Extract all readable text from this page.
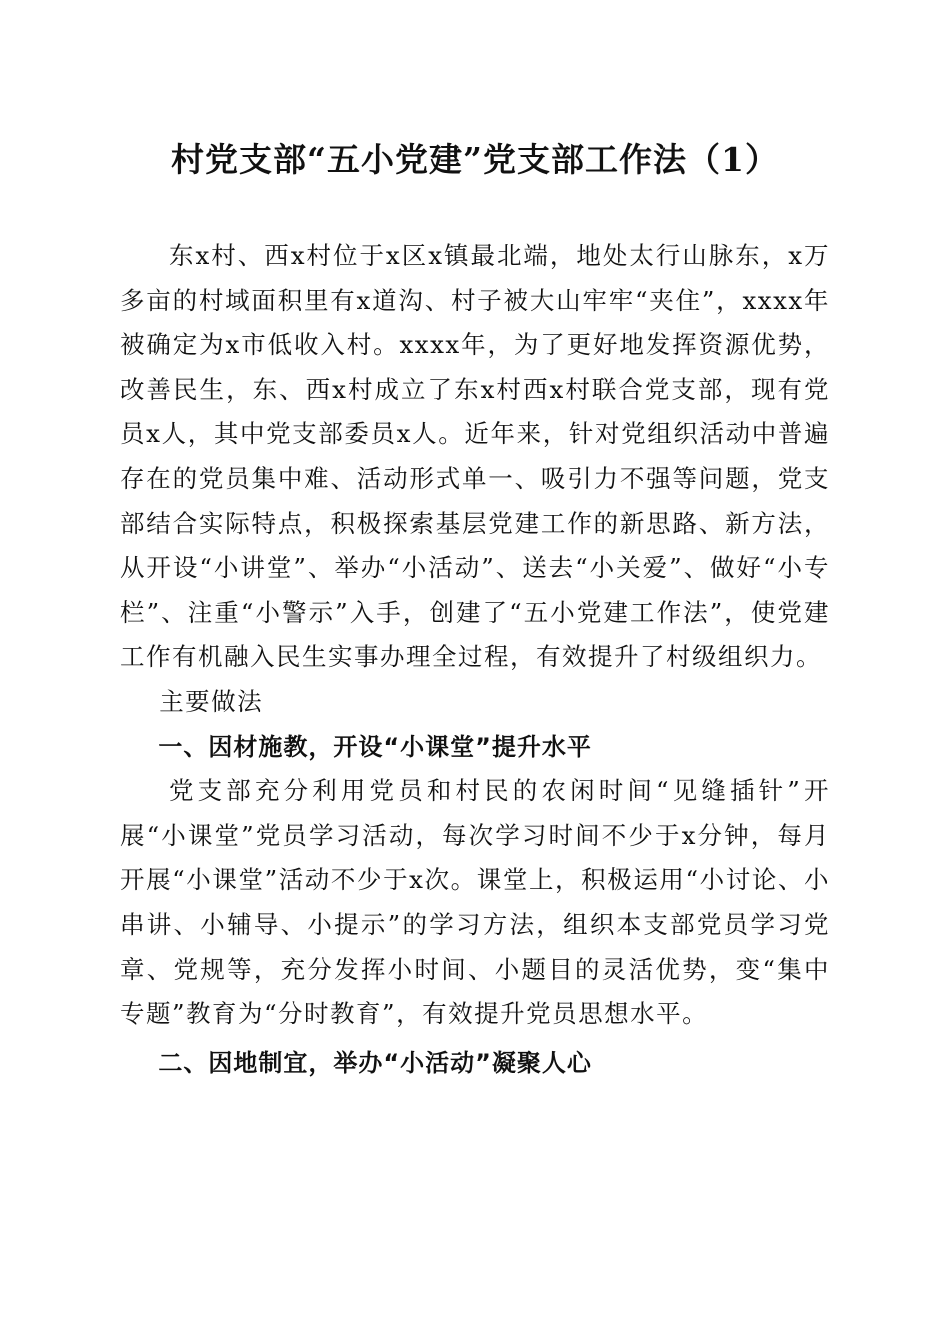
村党支部“五小党建”党支部工作法（1）

东x村、西x村位于x区x镇最北端，地处太行山脉东，x万多亩的村域面积里有x道沟、村子被大山牢牢“夹住”，xxxx年被确定为x市低收入村。xxxx年，为了更好地发挥资源优势，改善民生，东、西x村成立了东x村西x村联合党支部，现有党员x人，其中党支部委员x人。近年来，针对党组织活动中普遍存在的党员集中难、活动形式单一、吸引力不强等问题，党支部结合实际特点，积极探索基层党建工作的新思路、新方法，从开设“小讲堂”、举办“小活动”、送去“小关爱”、做好“小专栏”、注重“小警示”入手，创建了“五小党建工作法”，使党建工作有机融入民生实事办理全过程，有效提升了村级组织力。

主要做法

一、因材施教，开设“小课堂”提升水平

党支部充分利用党员和村民的农闲时间“见缝插针”开展“小课堂”党员学习活动，每次学习时间不少于x分钟，每月开展“小课堂”活动不少于x次。课堂上，积极运用“小讨论、小串讲、小辅导、小提示”的学习方法，组织本支部党员学习党章、党规等，充分发挥小时间、小题目的灵活优势，变“集中专题”教育为“分时教育”，有效提升党员思想水平。

二、因地制宜，举办“小活动”凝聚人心
